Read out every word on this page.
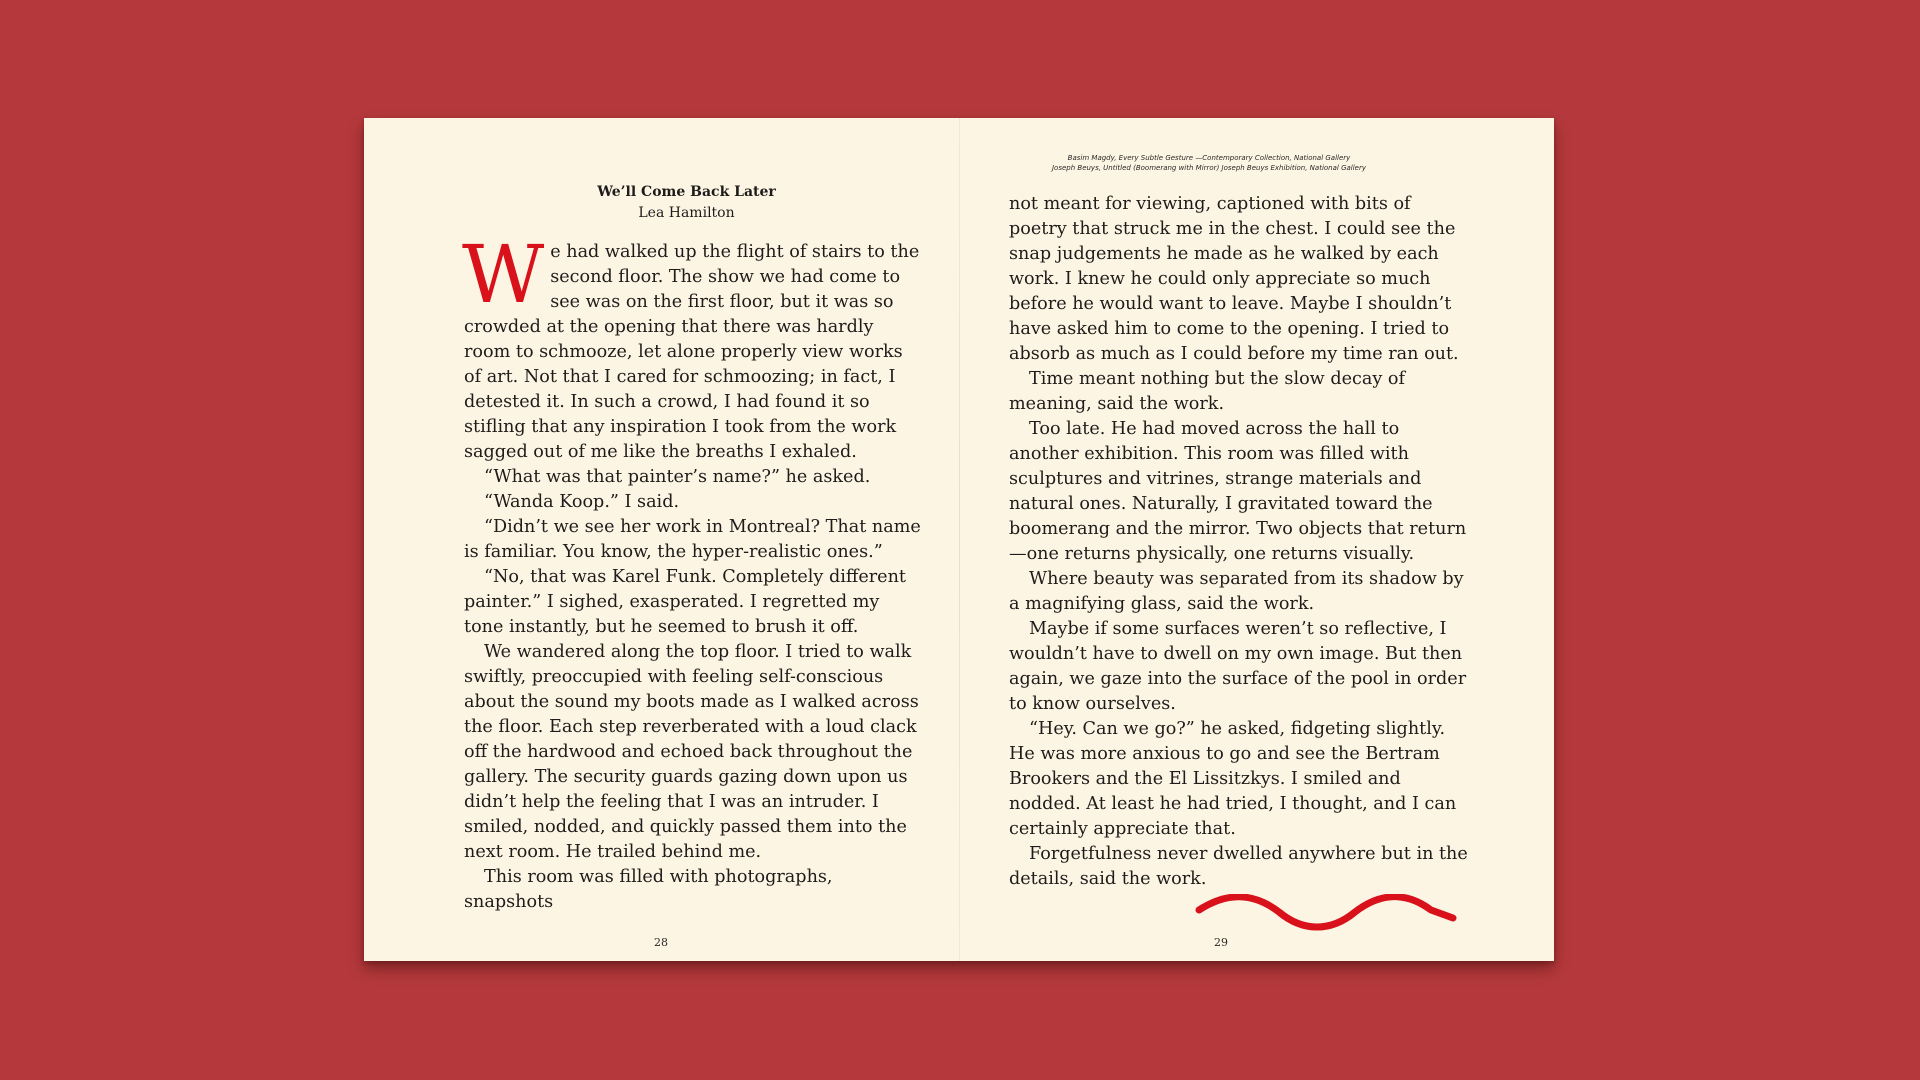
We’ll Come Back Later
Lea Hamilton

We had walked up the flight of stairs to the second floor. The show we had come to see was on the first floor, but it was so crowded at the opening that there was hardly room to schmooze, let alone properly view works of art. Not that I cared for schmoozing; in fact, I detested it. In such a crowd, I had found it so stifling that any inspiration I took from the work sagged out of me like the breaths I exhaled.

“What was that painter’s name?” he asked.

“Wanda Koop.” I said.

“Didn’t we see her work in Montreal? That name is familiar. You know, the hyper-realistic ones.”

“No, that was Karel Funk. Completely different painter.” I sighed, exasperated. I regretted my tone instantly, but he seemed to brush it off.

We wandered along the top floor. I tried to walk swiftly, preoccupied with feeling self-conscious about the sound my boots made as I walked across the floor. Each step reverberated with a loud clack off the hardwood and echoed back throughout the gallery. The security guards gazing down upon us didn’t help the feeling that I was an intruder. I smiled, nodded, and quickly passed them into the next room. He trailed behind me.

This room was filled with photographs, snapshots

28
Basim Magdy, Every Subtle Gesture —Contemporary Collection, National Gallery
Joseph Beuys, Untitled (Boomerang with Mirror) Joseph Beuys Exhibition, National Gallery

not meant for viewing, captioned with bits of poetry that struck me in the chest. I could see the snap judgements he made as he walked by each work. I knew he could only appreciate so much before he would want to leave. Maybe I shouldn’t have asked him to come to the opening. I tried to absorb as much as I could before my time ran out.

Time meant nothing but the slow decay of meaning, said the work.

Too late. He had moved across the hall to another exhibition. This room was filled with sculptures and vitrines, strange materials and natural ones. Naturally, I gravitated toward the boomerang and the mirror. Two objects that return —one returns physically, one returns visually.

Where beauty was separated from its shadow by a magnifying glass, said the work.

Maybe if some surfaces weren’t so reflective, I wouldn’t have to dwell on my own image. But then again, we gaze into the surface of the pool in order to know ourselves.

“Hey. Can we go?” he asked, fidgeting slightly. He was more anxious to go and see the Bertram Brookers and the El Lissitzkys. I smiled and nodded. At least he had tried, I thought, and I can certainly appreciate that.

Forgetfulness never dwelled anywhere but in the details, said the work.

29
